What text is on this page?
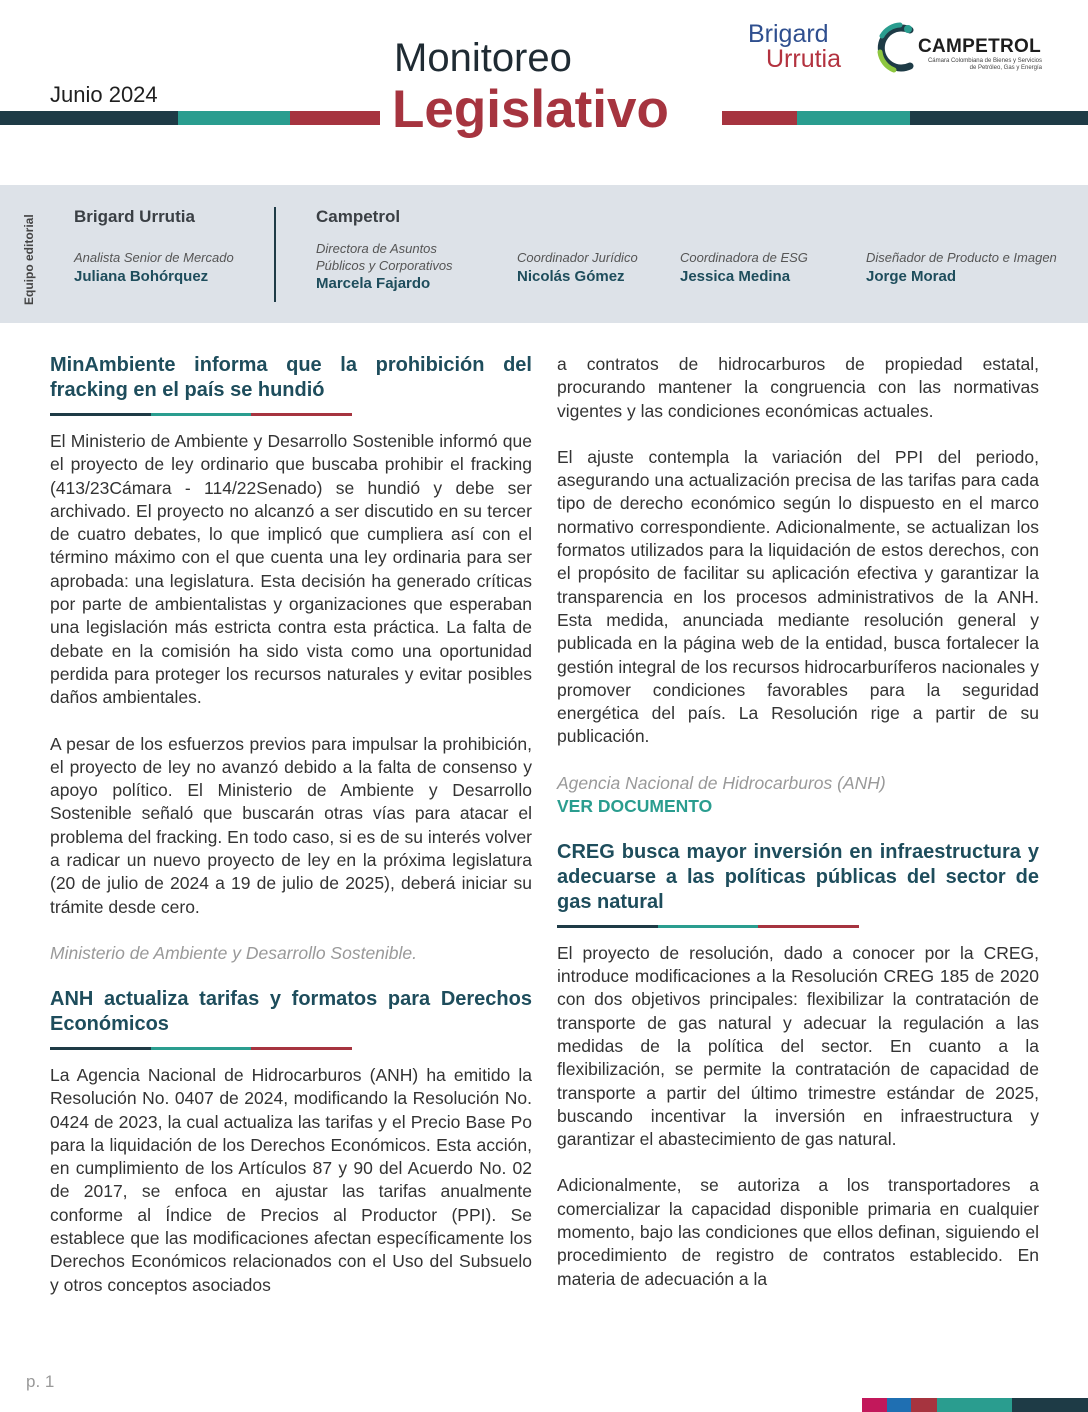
Junio 2024
Monitoreo
Legislativo
Brigard
Urrutia	CAMPETROL
Cámara Colombiana de Bienes y Servicios de Petróleo, Gas y Energía
Equipo editorial Brigard Urrutia
Analista Senior de Mercado
Juliana Bohórquez
Campetrol
Directora de Asuntos Públicos y Corporativos
Marcela Fajardo
Coordinador Jurídico
Nicolás Gómez
Coordinadora de ESG
Jessica Medina
Diseñador de Producto e Imagen
Jorge Morad
MinAmbiente informa que la prohibición del fracking en el país se hundió

El Ministerio de Ambiente y Desarrollo Sostenible informó que el proyecto de ley ordinario que buscaba prohibir el fracking (413/23Cámara - 114/22Senado) se hundió y debe ser archivado. El proyecto no alcanzó a ser discutido en su tercer de cuatro debates, lo que implicó que cumpliera así con el término máximo con el que cuenta una ley ordinaria para ser aprobada: una legislatura. Esta decisión ha generado críticas por parte de ambientalistas y organizaciones que esperaban una legislación más estricta contra esta práctica. La falta de debate en la comisión ha sido vista como una oportunidad perdida para proteger los recursos naturales y evitar posibles daños ambientales.

A pesar de los esfuerzos previos para impulsar la prohibición, el proyecto de ley no avanzó debido a la falta de consenso y apoyo político. El Ministerio de Ambiente y Desarrollo Sostenible señaló que buscarán otras vías para atacar el problema del fracking. En todo caso, si es de su interés volver a radicar un nuevo proyecto de ley en la próxima legislatura (20 de julio de 2024 a 19 de julio de 2025), deberá iniciar su trámite desde cero.

Ministerio de Ambiente y Desarrollo Sostenible.

ANH actualiza tarifas y formatos para Derechos Económicos

La Agencia Nacional de Hidrocarburos (ANH) ha emitido la Resolución No. 0407 de 2024, modificando la Resolución No. 0424 de 2023, la cual actualiza las tarifas y el Precio Base Po para la liquidación de los Derechos Económicos. Esta acción, en cumplimiento de los Artículos 87 y 90 del Acuerdo No. 02 de 2017, se enfoca en ajustar las tarifas anualmente conforme al Índice de Precios al Productor (PPI). Se establece que las modificaciones afectan específicamente los Derechos Económicos relacionados con el Uso del Subsuelo y otros conceptos asociados

a contratos de hidrocarburos de propiedad estatal, procurando mantener la congruencia con las normativas vigentes y las condiciones económicas actuales.

El ajuste contempla la variación del PPI del periodo, asegurando una actualización precisa de las tarifas para cada tipo de derecho económico según lo dispuesto en el marco normativo correspondiente. Adicionalmente, se actualizan los formatos utilizados para la liquidación de estos derechos, con el propósito de facilitar su aplicación efectiva y garantizar la transparencia en los procesos administrativos de la ANH. Esta medida, anunciada mediante resolución general y publicada en la página web de la entidad, busca fortalecer la gestión integral de los recursos hidrocarburíferos nacionales y promover condiciones favorables para la seguridad energética del país. La Resolución rige a partir de su publicación.

Agencia Nacional de Hidrocarburos (ANH)

VER DOCUMENTO

CREG busca mayor inversión en infraestructura y adecuarse a las políticas públicas del sector de gas natural

El proyecto de resolución, dado a conocer por la CREG, introduce modificaciones a la Resolución CREG 185 de 2020 con dos objetivos principales: flexibilizar la contratación de transporte de gas natural y adecuar la regulación a las medidas de la política del sector. En cuanto a la flexibilización, se permite la contratación de capacidad de transporte a partir del último trimestre estándar de 2025, buscando incentivar la inversión en infraestructura y garantizar el abastecimiento de gas natural.

Adicionalmente, se autoriza a los transportadores a comercializar la capacidad disponible primaria en cualquier momento, bajo las condiciones que ellos definan, siguiendo el procedimiento de registro de contratos establecido. En materia de adecuación a la

p. 1
